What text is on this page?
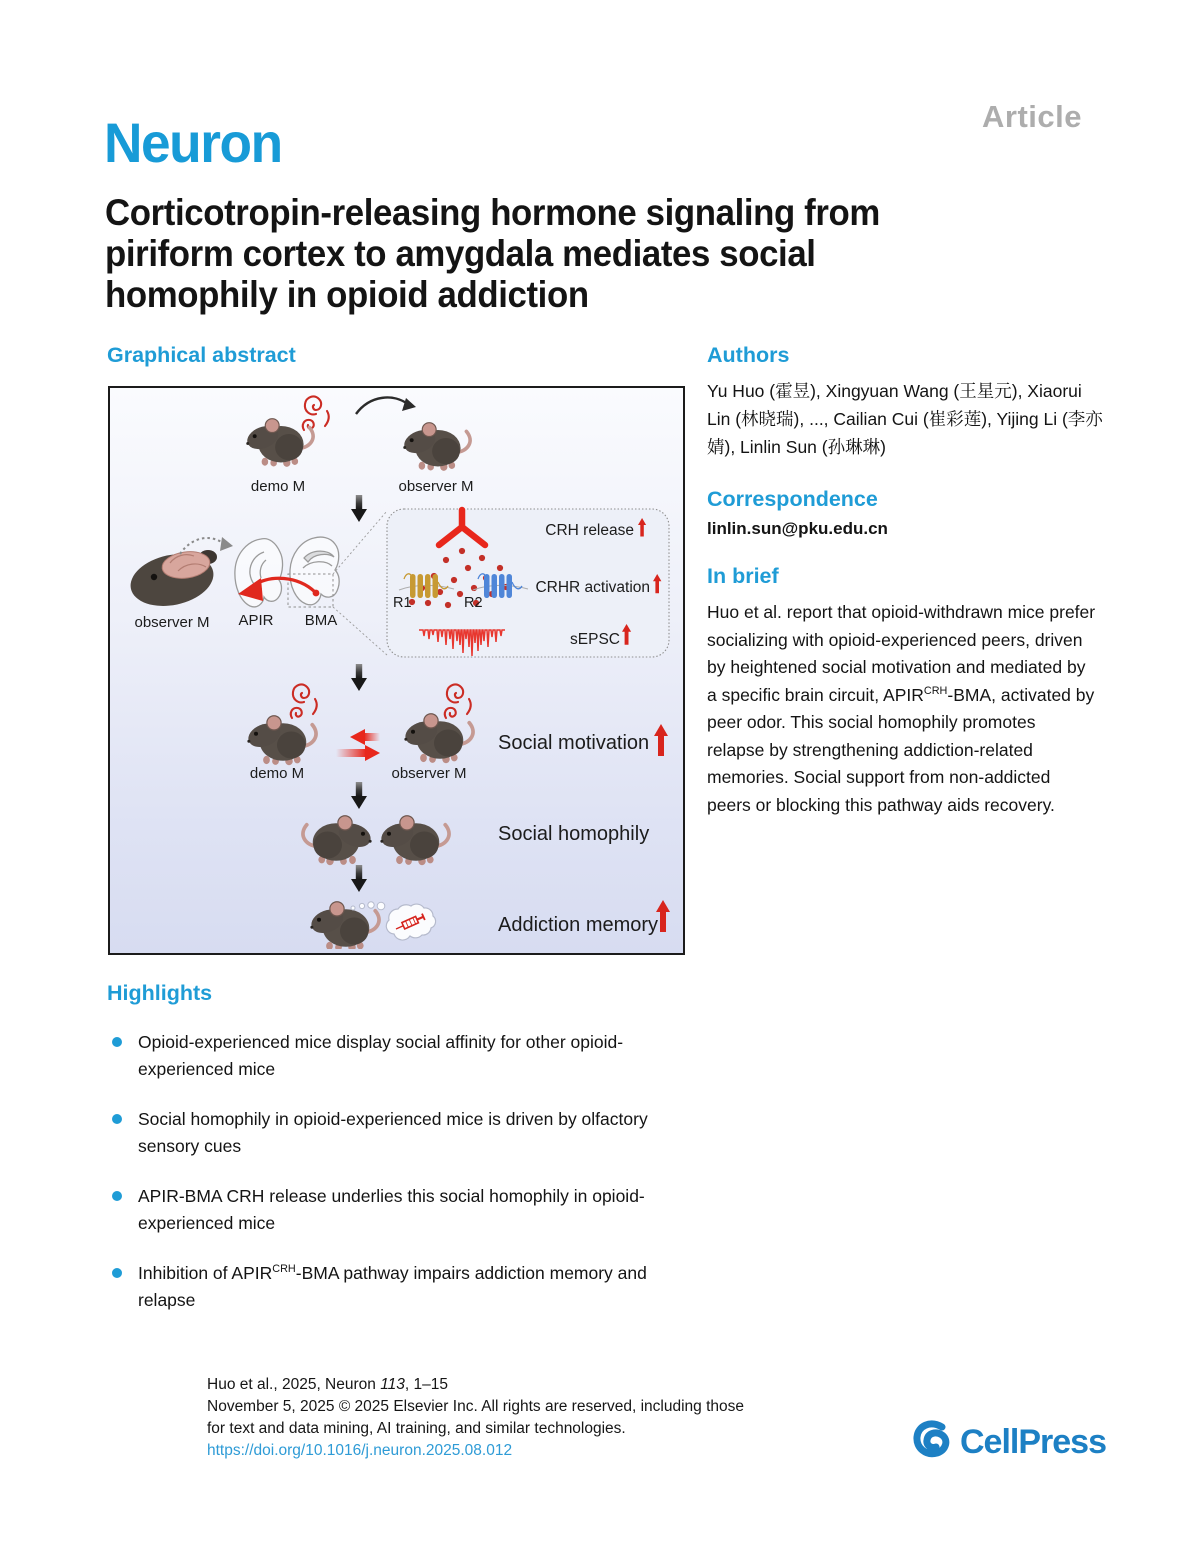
Article
Neuron
Corticotropin-releasing hormone signaling from
piriform cortex to amygdala mediates social
homophily in opioid addiction
Graphical abstract
demo M	observer M
observer M APIR BMA
R1	R2
CRH release
CRHR activation
sEPSC
demo M	observer M
Social motivation
Social homophily
Addiction memory
Authors
Yu Huo (霍昱), Xingyuan Wang (王星元), Xiaorui Lin (林晓瑞), ..., Cailian Cui (崔彩莲), Yijing Li (李亦婧), Linlin Sun (孙琳琳)
Correspondence
linlin.sun@pku.edu.cn
In brief
Huo et al. report that opioid-withdrawn mice prefer socializing with opioid-experienced peers, driven by heightened social motivation and mediated by a specific brain circuit, $APIR^{CRH}$-BMA, activated by peer odor. This social homophily promotes relapse by strengthening addiction-related memories. Social support from non-addicted peers or blocking this pathway aids recovery.
Highlights
Opioid-experienced mice display social affinity for other opioid-experienced mice
Social homophily in opioid-experienced mice is driven by olfactory sensory cues
APIR-BMA CRH release underlies this social homophily in opioid-experienced mice
Inhibition of $APIR^{CRH}$-BMA pathway impairs addiction memory and relapse
Huo et al., 2025, Neuron 113, 1–15
November 5, 2025 © 2025 Elsevier Inc. All rights are reserved, including those
for text and data mining, AI training, and similar technologies.
https://doi.org/10.1016/j.neuron.2025.08.012	CellPress
